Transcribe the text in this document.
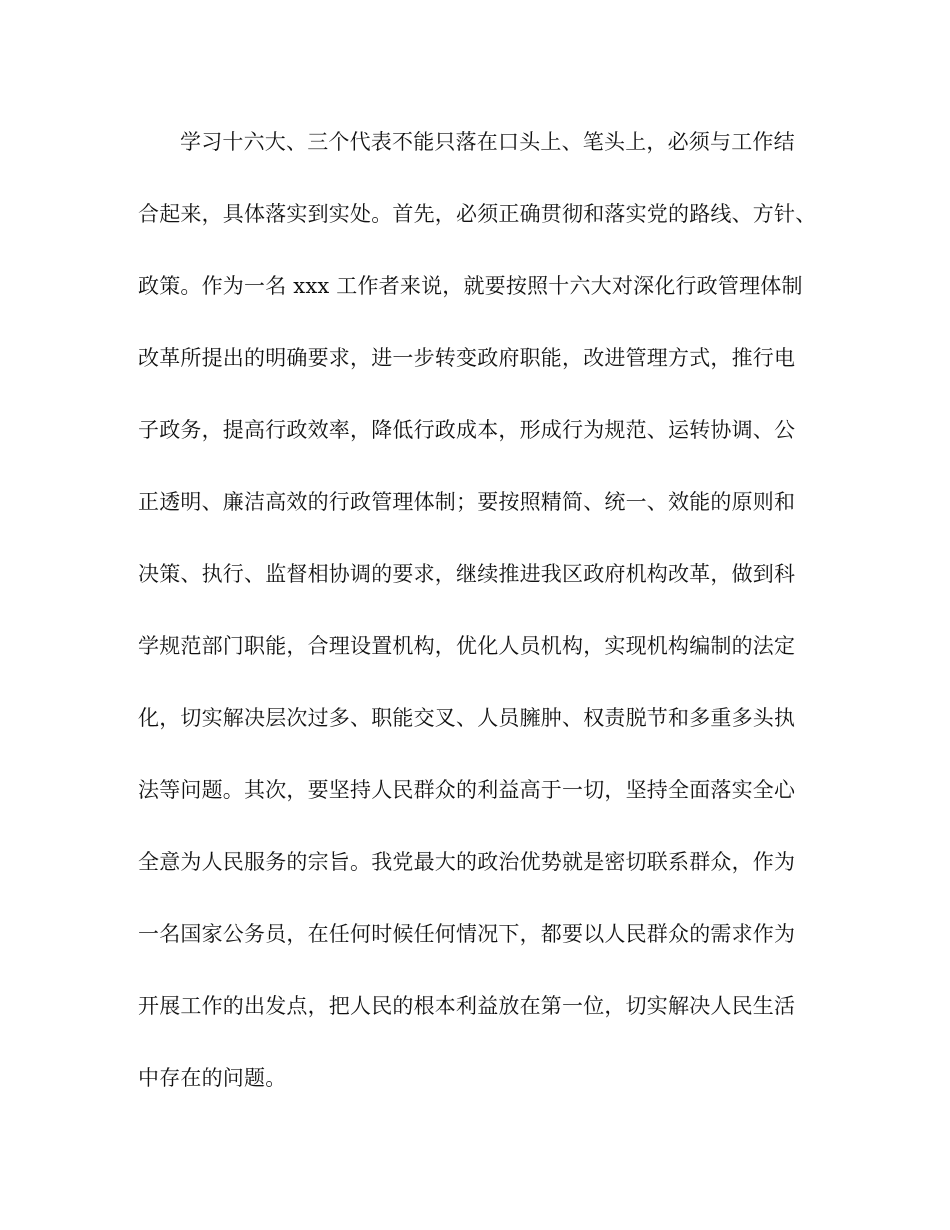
学习十六大、三个代表不能只落在口头上、笔头上，必须与工作结
合起来，具体落实到实处。首先，必须正确贯彻和落实党的路线、方针、
政策。作为一名 xxx 工作者来说，就要按照十六大对深化行政管理体制
改革所提出的明确要求，进一步转变政府职能，改进管理方式，推行电
子政务，提高行政效率，降低行政成本，形成行为规范、运转协调、公
正透明、廉洁高效的行政管理体制；要按照精简、统一、效能的原则和
决策、执行、监督相协调的要求，继续推进我区政府机构改革，做到科
学规范部门职能，合理设置机构，优化人员机构，实现机构编制的法定
化，切实解决层次过多、职能交叉、人员臃肿、权责脱节和多重多头执
法等问题。其次，要坚持人民群众的利益高于一切，坚持全面落实全心
全意为人民服务的宗旨。我党最大的政治优势就是密切联系群众，作为
一名国家公务员，在任何时候任何情况下，都要以人民群众的需求作为
开展工作的出发点，把人民的根本利益放在第一位，切实解决人民生活
中存在的问题。
